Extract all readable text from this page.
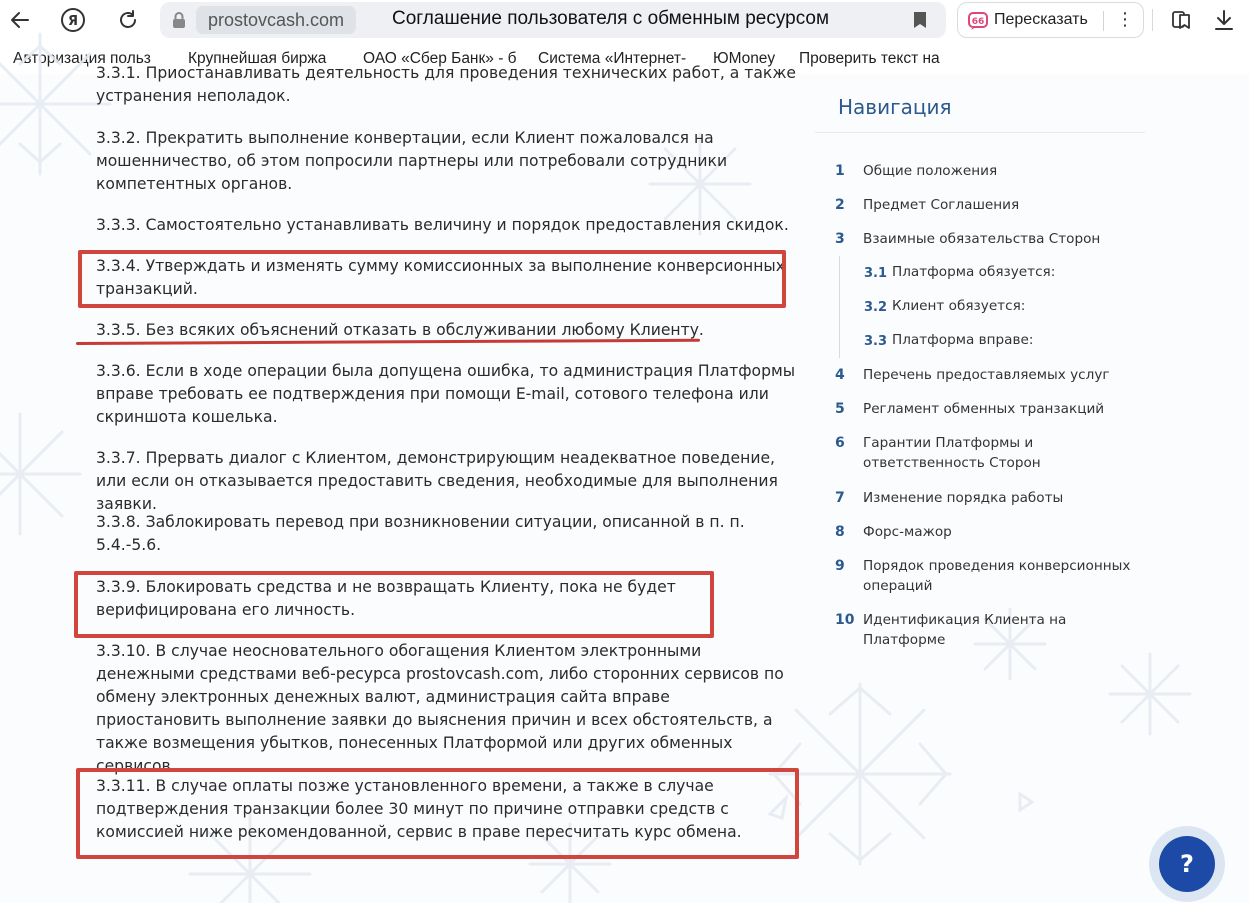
Я	prostovcash.com	Соглашение пользователя с обменным ресурсом	66 Пересказать ⋮
Авторизация польз	Крупнейшая биржа	ОАО «Сбер Банк» - б Система «Интернет-	ЮMoney	Проверить текст на

3.3.1. Приостанавливать деятельность для проведения технических работ, а также устранения неполадок.

3.3.2. Прекратить выполнение конвертации, если Клиент пожаловался на мошенничество, об этом попросили партнеры или потребовали сотрудники компетентных органов.

3.3.3. Самостоятельно устанавливать величину и порядок предоставления скидок.

3.3.4. Утверждать и изменять сумму комиссионных за выполнение конверсионных транзакций.

3.3.5. Без всяких объяснений отказать в обслуживании любому Клиенту.

3.3.6. Если в ходе операции была допущена ошибка, то администрация Платформы вправе требовать ее подтверждения при помощи E-mail, сотового телефона или скриншота кошелька.

3.3.7. Прервать диалог с Клиентом, демонстрирующим неадекватное поведение, или если он отказывается предоставить сведения, необходимые для выполнения заявки.

3.3.8. Заблокировать перевод при возникновении ситуации, описанной в п. п. 5.4.-5.6.

3.3.9. Блокировать средства и не возвращать Клиенту, пока не будет верифицирована его личность.

3.3.10. В случае неосновательного обогащения Клиентом электронными денежными средствами веб-ресурса prostovcash.com, либо сторонних сервисов по обмену электронных денежных валют, администрация сайта вправе приостановить выполнение заявки до выяснения причин и всех обстоятельств, а также возмещения убытков, понесенных Платформой или других обменных сервисов.

3.3.11. В случае оплаты позже установленного времени, а также в случае подтверждения транзакции более 30 минут по причине отправки средств с комиссией ниже рекомендованной, сервис в праве пересчитать курс обмена.

Навигация
1 Общие положения
2 Предмет Соглашения
3 Взаимные обязательства Сторон
3.1 Платформа обязуется:
3.2 Клиент обязуется:
3.3 Платформа вправе:
4 Перечень предоставляемых услуг
5 Регламент обменных транзакций
6 Гарантии Платформы и ответственность Сторон
7 Изменение порядка работы
8 Форс-мажор
9 Порядок проведения конверсионных операций
10 Идентификация Клиента на Платформе
?
